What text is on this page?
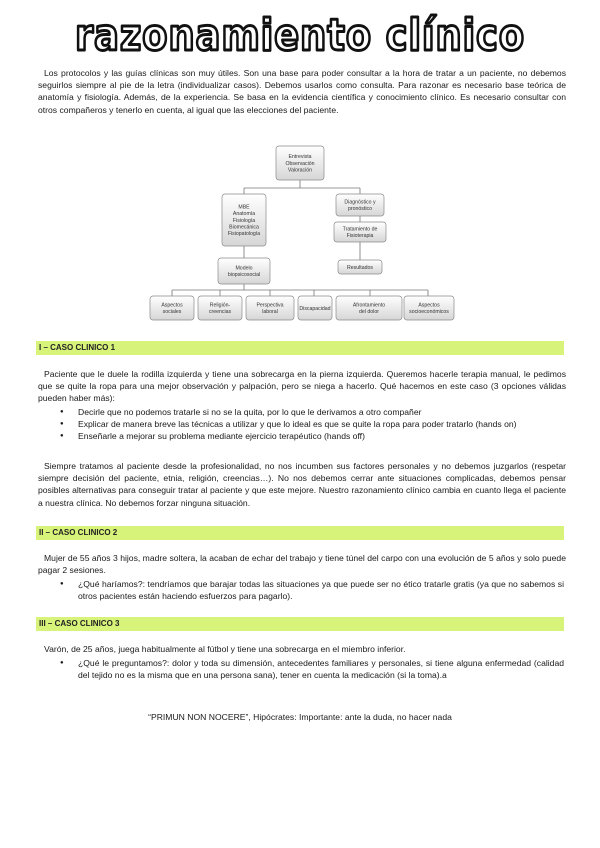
razonamiento clínico

Los protocolos y las guías clínicas son muy útiles. Son una base para poder consultar a la hora de tratar a un paciente, no debemos seguirlos siempre al pie de la letra (individualizar casos). Debemos usarlos como consulta. Para razonar es necesario base teórica de anatomía y fisiología. Además, de la experiencia. Se basa en la evidencia científica y conocimiento clínico. Es necesario consultar con otros compañeros y tenerlo en cuenta, al igual que las elecciones del paciente.

Entrevista
Observación
Valoración
MBE
Anatomía
Fisiología
Biomecánica
Fisiopatología
Diagnóstico y
pronóstico
Tratamiento de
Fisioterapia
Resultados
Modelo
biopsicosocial
Aspectos
sociales
Religión-
creencias
Perspectiva
laboral
Discapacidad
Afrontamiento
del dolor
Aspectos
socioeconómicos
I – CASO CLINICO 1

Paciente que le duele la rodilla izquierda y tiene una sobrecarga en la pierna izquierda. Queremos hacerle terapia manual, le pedimos que se quite la ropa para una mejor observación y palpación, pero se niega a hacerlo. Qué hacemos en este caso (3 opciones válidas pueden haber más):

● Decirle que no podemos tratarle si no se la quita, por lo que le derivamos a otro compañer
● Explicar de manera breve las técnicas a utilizar y que lo ideal es que se quite la ropa para poder tratarlo (hands on)
● Enseñarle a mejorar su problema mediante ejercicio terapéutico (hands off)

Siempre tratamos al paciente desde la profesionalidad, no nos incumben sus factores personales y no debemos juzgarlos (respetar siempre decisión del paciente, etnia, religión, creencias…). No nos debemos cerrar ante situaciones complicadas, debemos pensar posibles alternativas para conseguir tratar al paciente y que este mejore. Nuestro razonamiento clínico cambia en cuanto llega el paciente a nuestra clínica. No debemos forzar ninguna situación.

II – CASO CLINICO 2

Mujer de 55 años 3 hijos, madre soltera, la acaban de echar del trabajo y tiene túnel del carpo con una evolución de 5 años y solo puede pagar 2 sesiones.

● ¿Qué haríamos?: tendríamos que barajar todas las situaciones ya que puede ser no ético tratarle gratis (ya que no sabemos si otros pacientes están haciendo esfuerzos para pagarlo).
III – CASO CLINICO 3

Varón, de 25 años, juega habitualmente al fútbol y tiene una sobrecarga en el miembro inferior.

● ¿Qué le preguntamos?: dolor y toda su dimensión, antecedentes familiares y personales, si tiene alguna enfermedad (calidad del tejido no es la misma que en una persona sana), tener en cuenta la medicación (si la toma).a
“PRIMUN NON NOCERE”, Hipócrates: Importante: ante la duda, no hacer nada
